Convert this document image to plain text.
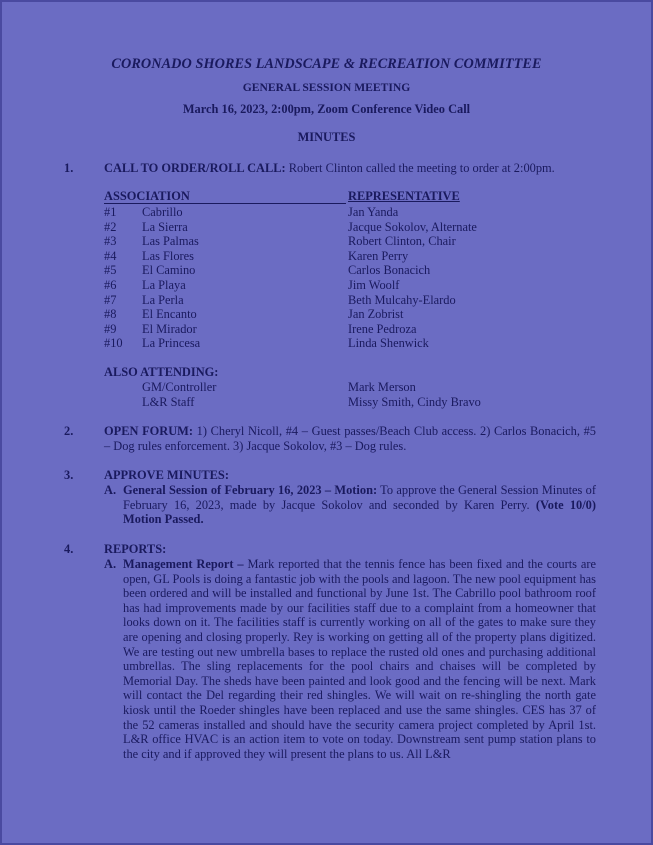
CORONADO SHORES LANDSCAPE & RECREATION COMMITTEE
GENERAL SESSION MEETING
March 16, 2023, 2:00pm, Zoom Conference Video Call
MINUTES
1. CALL TO ORDER/ROLL CALL: Robert Clinton called the meeting to order at 2:00pm.
ASSOCIATION	REPRESENTATIVE
#1 Cabrillo	Jan Yanda
#2 La Sierra	Jacque Sokolov, Alternate
#3 Las Palmas	Robert Clinton, Chair
#4 Las Flores	Karen Perry
#5 El Camino	Carlos Bonacich
#6 La Playa	Jim Woolf
#7 La Perla	Beth Mulcahy-Elardo
#8 El Encanto	Jan Zobrist
#9 El Mirador	Irene Pedroza
#10 La Princesa	Linda Shenwick
ALSO ATTENDING:
GM/Controller	Mark Merson
L&R Staff	Missy Smith, Cindy Bravo
2. OPEN FORUM: 1) Cheryl Nicoll, #4 – Guest passes/Beach Club access. 2) Carlos Bonacich, #5 – Dog rules enforcement. 3) Jacque Sokolov, #3 – Dog rules.
3. APPROVE MINUTES:
A. General Session of February 16, 2023 – Motion: To approve the General Session Minutes of February 16, 2023, made by Jacque Sokolov and seconded by Karen Perry. (Vote 10/0) Motion Passed.
4. REPORTS:
A. Management Report – Mark reported that the tennis fence has been fixed and the courts are open, GL Pools is doing a fantastic job with the pools and lagoon. The new pool equipment has been ordered and will be installed and functional by June 1st. The Cabrillo pool bathroom roof has had improvements made by our facilities staff due to a complaint from a homeowner that looks down on it. The facilities staff is currently working on all of the gates to make sure they are opening and closing properly. Rey is working on getting all of the property plans digitized. We are testing out new umbrella bases to replace the rusted old ones and purchasing additional umbrellas. The sling replacements for the pool chairs and chaises will be completed by Memorial Day. The sheds have been painted and look good and the fencing will be next. Mark will contact the Del regarding their red shingles. We will wait on re-shingling the north gate kiosk until the Roeder shingles have been replaced and use the same shingles. CES has 37 of the 52 cameras installed and should have the security camera project completed by April 1st. L&R office HVAC is an action item to vote on today. Downstream sent pump station plans to the city and if approved they will present the plans to us. All L&R
